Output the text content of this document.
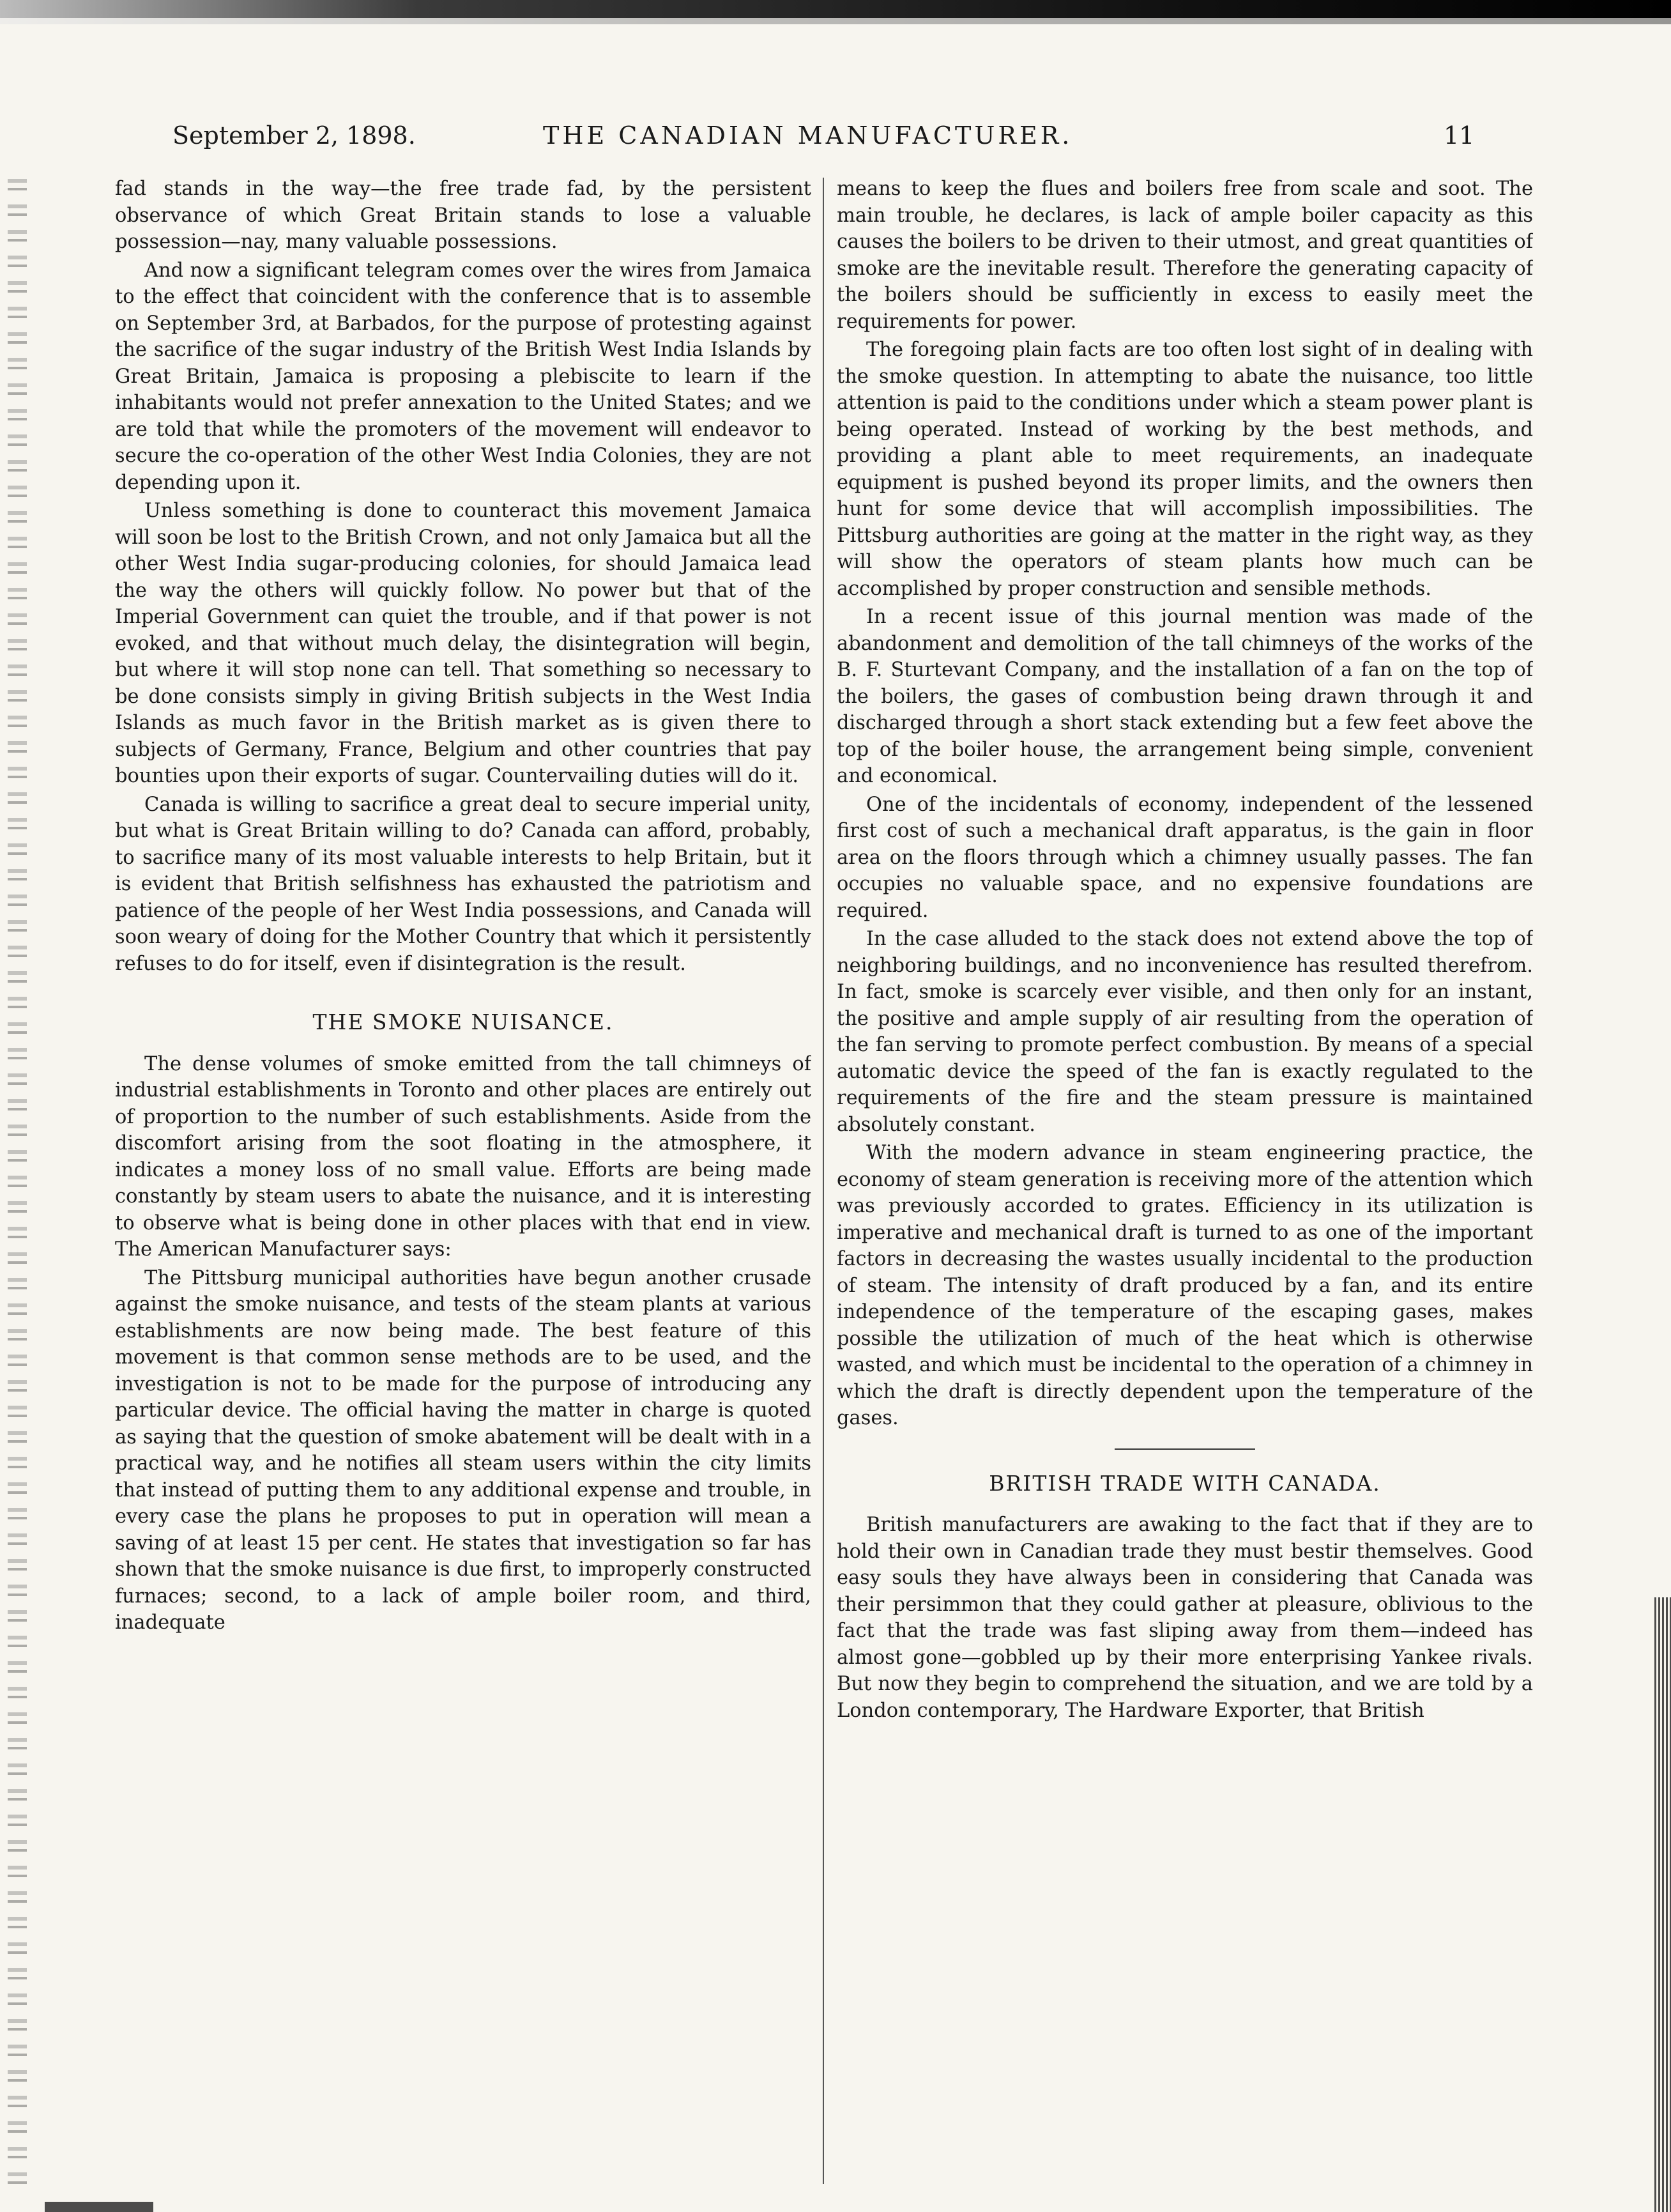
September 2, 1898.	THE CANADIAN MANUFACTURER.	11

fad stands in the way—the free trade fad, by the persistent observance of which Great Britain stands to lose a valuable possession—nay, many valuable possessions.

And now a significant telegram comes over the wires from Jamaica to the effect that coincident with the conference that is to assemble on September 3rd, at Barbados, for the purpose of protesting against the sacrifice of the sugar industry of the British West India Islands by Great Britain, Jamaica is proposing a plebiscite to learn if the inhabitants would not prefer annexation to the United States; and we are told that while the promoters of the movement will endeavor to secure the co-operation of the other West India Colonies, they are not depending upon it.

Unless something is done to counteract this movement Jamaica will soon be lost to the British Crown, and not only Jamaica but all the other West India sugar-producing colonies, for should Jamaica lead the way the others will quickly follow. No power but that of the Imperial Government can quiet the trouble, and if that power is not evoked, and that without much delay, the disintegration will begin, but where it will stop none can tell. That something so necessary to be done consists simply in giving British subjects in the West India Islands as much favor in the British market as is given there to subjects of Germany, France, Belgium and other countries that pay bounties upon their exports of sugar. Countervailing duties will do it.

Canada is willing to sacrifice a great deal to secure imperial unity, but what is Great Britain willing to do? Canada can afford, probably, to sacrifice many of its most valuable interests to help Britain, but it is evident that British selfishness has exhausted the patriotism and patience of the people of her West India possessions, and Canada will soon weary of doing for the Mother Country that which it persistently refuses to do for itself, even if disintegration is the result.

THE SMOKE NUISANCE.

The dense volumes of smoke emitted from the tall chimneys of industrial establishments in Toronto and other places are entirely out of proportion to the number of such establishments. Aside from the discomfort arising from the soot floating in the atmosphere, it indicates a money loss of no small value. Efforts are being made constantly by steam users to abate the nuisance, and it is interesting to observe what is being done in other places with that end in view. The American Manufacturer says:

The Pittsburg municipal authorities have begun another crusade against the smoke nuisance, and tests of the steam plants at various establishments are now being made. The best feature of this movement is that common sense methods are to be used, and the investigation is not to be made for the purpose of introducing any particular device. The official having the matter in charge is quoted as saying that the question of smoke abatement will be dealt with in a practical way, and he notifies all steam users within the city limits that instead of putting them to any additional expense and trouble, in every case the plans he proposes to put in operation will mean a saving of at least 15 per cent. He states that investigation so far has shown that the smoke nuisance is due first, to improperly constructed furnaces; second, to a lack of ample boiler room, and third, inadequate

means to keep the flues and boilers free from scale and soot. The main trouble, he declares, is lack of ample boiler capacity as this causes the boilers to be driven to their utmost, and great quantities of smoke are the inevitable result. Therefore the generating capacity of the boilers should be sufficiently in excess to easily meet the requirements for power.

The foregoing plain facts are too often lost sight of in dealing with the smoke question. In attempting to abate the nuisance, too little attention is paid to the conditions under which a steam power plant is being operated. Instead of working by the best methods, and providing a plant able to meet requirements, an inadequate equipment is pushed beyond its proper limits, and the owners then hunt for some device that will accomplish impossibilities. The Pittsburg authorities are going at the matter in the right way, as they will show the operators of steam plants how much can be accomplished by proper construction and sensible methods.

In a recent issue of this journal mention was made of the abandonment and demolition of the tall chimneys of the works of the B. F. Sturtevant Company, and the installation of a fan on the top of the boilers, the gases of combustion being drawn through it and discharged through a short stack extending but a few feet above the top of the boiler house, the arrangement being simple, convenient and economical.

One of the incidentals of economy, independent of the lessened first cost of such a mechanical draft apparatus, is the gain in floor area on the floors through which a chimney usually passes. The fan occupies no valuable space, and no expensive foundations are required.

In the case alluded to the stack does not extend above the top of neighboring buildings, and no inconvenience has resulted therefrom. In fact, smoke is scarcely ever visible, and then only for an instant, the positive and ample supply of air resulting from the operation of the fan serving to promote perfect combustion. By means of a special automatic device the speed of the fan is exactly regulated to the requirements of the fire and the steam pressure is maintained absolutely constant.

With the modern advance in steam engineering practice, the economy of steam generation is receiving more of the attention which was previously accorded to grates. Efficiency in its utilization is imperative and mechanical draft is turned to as one of the important factors in decreasing the wastes usually incidental to the production of steam. The intensity of draft produced by a fan, and its entire independence of the temperature of the escaping gases, makes possible the utilization of much of the heat which is otherwise wasted, and which must be incidental to the operation of a chimney in which the draft is directly dependent upon the temperature of the gases.

BRITISH TRADE WITH CANADA.

British manufacturers are awaking to the fact that if they are to hold their own in Canadian trade they must bestir themselves. Good easy souls they have always been in considering that Canada was their persimmon that they could gather at pleasure, oblivious to the fact that the trade was fast sliping away from them—indeed has almost gone—gobbled up by their more enterprising Yankee rivals. But now they begin to comprehend the situation, and we are told by a London contemporary, The Hardware Exporter, that British
